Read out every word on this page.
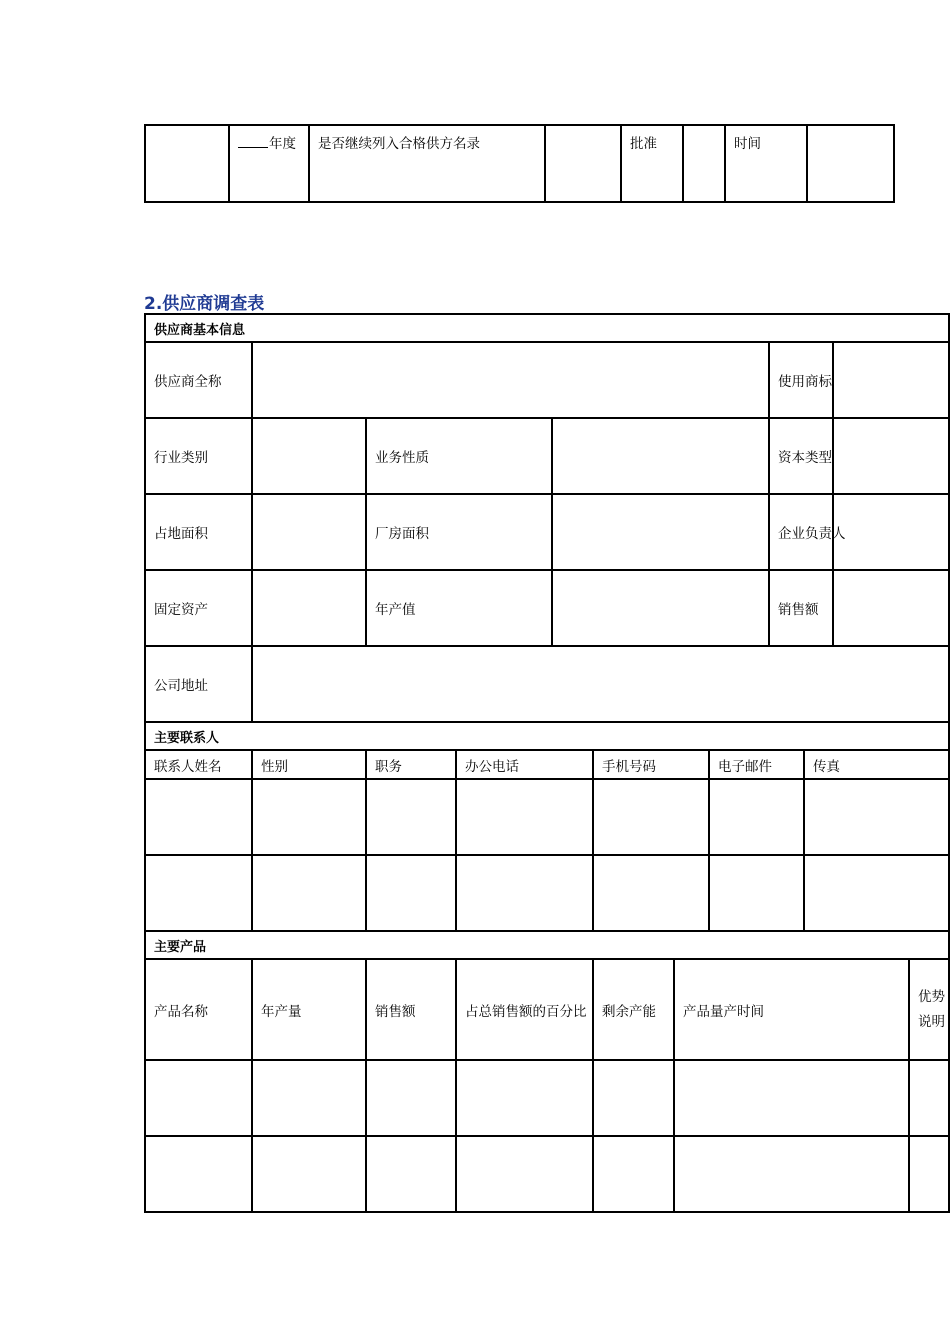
	年度	是否继续列入合格供方名录		批准		时间	
2.供应商调查表
供应商基本信息											
供应商全称								使用商标			
行业类别		业务性质						资本类型			
占地面积		厂房面积						企业负责人			
固定资产		年产值						销售额			
公司地址											
主要联系人											
联系人姓名	性别	职务	办公电话		手机号码		电子邮件		传真		

主要产品											
产品名称	年产量	销售额	占总销售额的百分比		剩余产能	产品量产时间					优势说明
